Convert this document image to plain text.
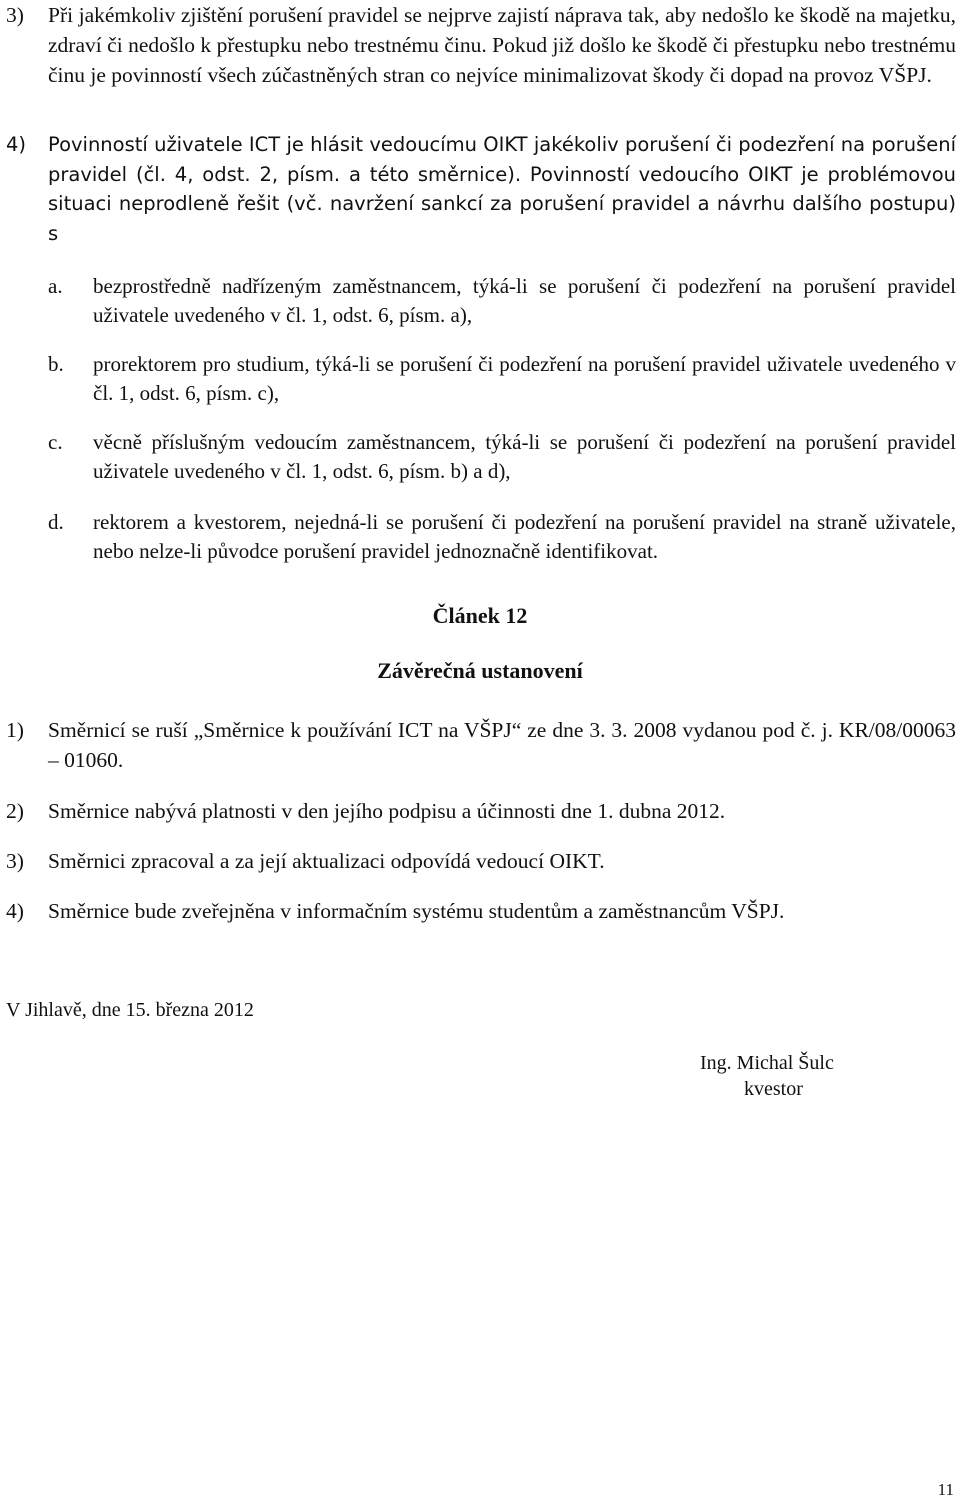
3) Při jakémkoliv zjištění porušení pravidel se nejprve zajistí náprava tak, aby nedošlo ke škodě na majetku, zdraví či nedošlo k přestupku nebo trestnému činu. Pokud již došlo ke škodě či přestupku nebo trestnému činu je povinností všech zúčastněných stran co nejvíce minimalizovat škody či dopad na provoz VŠPJ.
4) Povinností uživatele ICT je hlásit vedoucímu OIKT jakékoliv porušení či podezření na porušení pravidel (čl. 4, odst. 2, písm. a této směrnice). Povinností vedoucího OIKT je problémovou situaci neprodleně řešit (vč. navržení sankcí za porušení pravidel a návrhu dalšího postupu) s
a. bezprostředně nadřízeným zaměstnancem, týká-li se porušení či podezření na porušení pravidel uživatele uvedeného v čl. 1, odst. 6, písm. a),
b. prorektorem pro studium, týká-li se porušení či podezření na porušení pravidel uživatele uvedeného v čl. 1, odst. 6, písm. c),
c. věcně příslušným vedoucím zaměstnancem, týká-li se porušení či podezření na porušení pravidel uživatele uvedeného v čl. 1, odst. 6, písm. b) a d),
d. rektorem a kvestorem, nejedná-li se porušení či podezření na porušení pravidel na straně uživatele, nebo nelze-li původce porušení pravidel jednoznačně identifikovat.
Článek 12
Závěrečná ustanovení
1) Směrnicí se ruší „Směrnice k používání ICT na VŠPJ“ ze dne 3. 3. 2008 vydanou pod č. j. KR/08/00063 – 01060.
2) Směrnice nabývá platnosti v den jejího podpisu a účinnosti dne 1. dubna 2012.
3) Směrnici zpracoval a za její aktualizaci odpovídá vedoucí OIKT.
4) Směrnice bude zveřejněna v informačním systému studentům a zaměstnancům VŠPJ.
V Jihlavě, dne 15. března 2012
Ing. Michal Šulc
kvestor
11
